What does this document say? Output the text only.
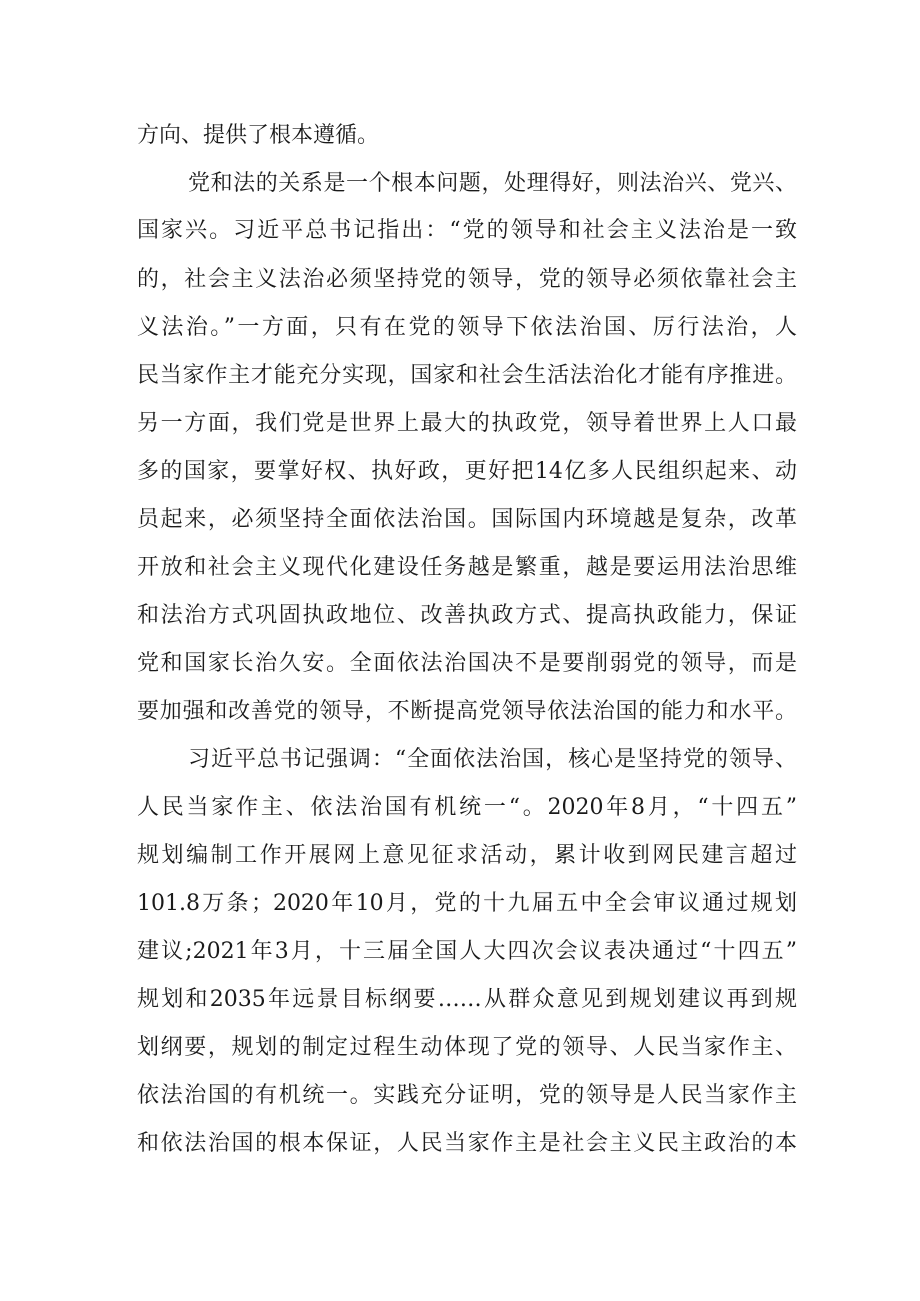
方向、提供了根本遵循。
党和法的关系是一个根本问题，处理得好，则法治兴、党兴、
国家兴。习近平总书记指出：“党的领导和社会主义法治是一致
的，社会主义法治必须坚持党的领导，党的领导必须依靠社会主
义法治。”一方面，只有在党的领导下依法治国、厉行法治，人
民当家作主才能充分实现，国家和社会生活法治化才能有序推进。
另一方面，我们党是世界上最大的执政党，领导着世界上人口最
多的国家，要掌好权、执好政，更好把14亿多人民组织起来、动
员起来，必须坚持全面依法治国。国际国内环境越是复杂，改革
开放和社会主义现代化建设任务越是繁重，越是要运用法治思维
和法治方式巩固执政地位、改善执政方式、提高执政能力，保证
党和国家长治久安。全面依法治国决不是要削弱党的领导，而是
要加强和改善党的领导，不断提高党领导依法治国的能力和水平。
习近平总书记强调：“全面依法治国，核心是坚持党的领导、
人民当家作主、依法治国有机统一“。2020年8月，“十四五”
规划编制工作开展网上意见征求活动，累计收到网民建言超过
101.8万条；2020年10月，党的十九届五中全会审议通过规划
建议;2021年3月，十三届全国人大四次会议表决通过“十四五”
规划和2035年远景目标纲要……从群众意见到规划建议再到规
划纲要，规划的制定过程生动体现了党的领导、人民当家作主、
依法治国的有机统一。实践充分证明，党的领导是人民当家作主
和依法治国的根本保证，人民当家作主是社会主义民主政治的本
